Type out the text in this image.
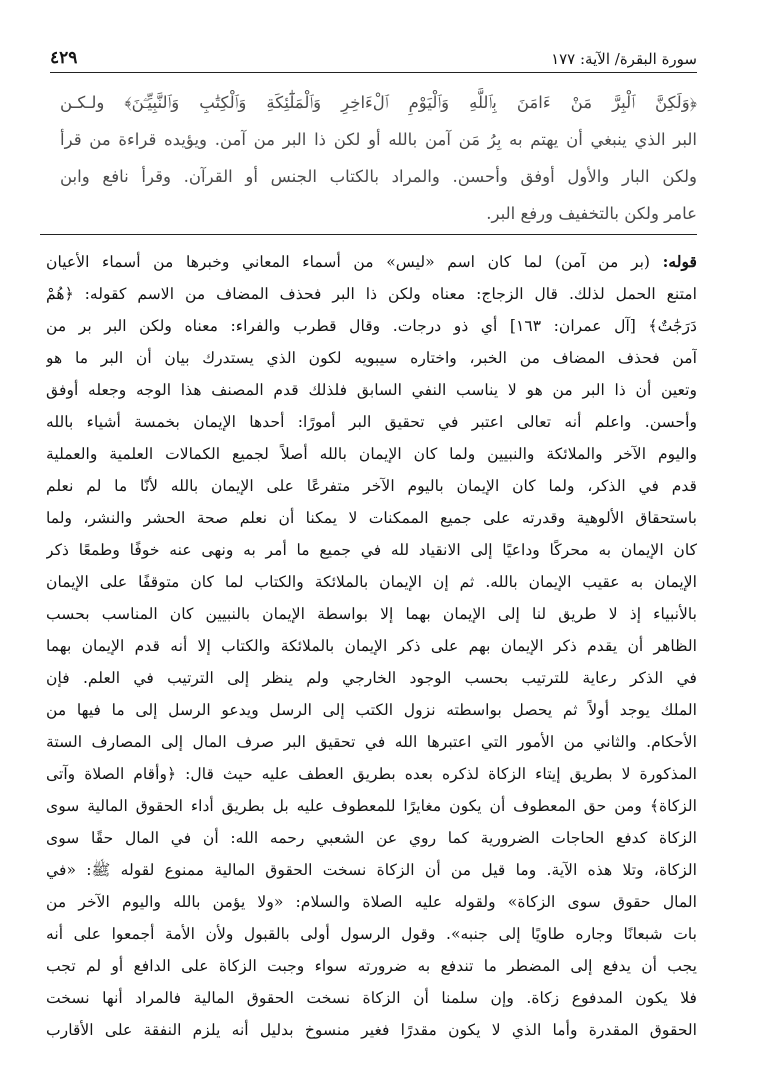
٤٢٩	سورة البقرة/ الآية: ١٧٧
﴿وَلَكِنَّ ٱلْبِرَّ مَنْ ءَامَنَ بِٱللَّهِ وَٱلْيَوْمِ ٱلْءَاخِرِ وَٱلْمَلَٰٓئِكَةِ وَٱلْكِتَٰبِ وَٱلنَّبِيِّـۧنَ﴾ ولـكـن
البر الذي ينبغي أن يهتم به بِرُ مَن آمن بالله أو لكن ذا البر من آمن. ويؤيده قراءة من قرأ
ولكن البار والأول أوفق وأحسن. والمراد بالكتاب الجنس أو القرآن. وقرأ نافع وابن
عامر ولكن بالتخفيف ورفع البر.
قوله: (بر من آمن) لما كان اسم «ليس» من أسماء المعاني وخبرها من أسماء الأعيان
امتنع الحمل لذلك. قال الزجاج: معناه ولكن ذا البر فحذف المضاف من الاسم كقوله: ﴿هُمْ
دَرَجَٰتٌ﴾ [آل عمران: ١٦٣] أي ذو درجات. وقال قطرب والفراء: معناه ولكن البر بر من
آمن فحذف المضاف من الخبر، واختاره سيبويه لكون الذي يستدرك بيان أن البر ما هو
وتعين أن ذا البر من هو لا يناسب النفي السابق فلذلك قدم المصنف هذا الوجه وجعله أوفق
وأحسن. واعلم أنه تعالى اعتبر في تحقيق البر أمورًا: أحدها الإيمان بخمسة أشياء بالله
واليوم الآخر والملائكة والنبيين ولما كان الإيمان بالله أصلاً لجميع الكمالات العلمية والعملية
قدم في الذكر، ولما كان الإيمان باليوم الآخر متفرعًا على الإيمان بالله لأنّا ما لم نعلم
باستحقاق الألوهية وقدرته على جميع الممكنات لا يمكنا أن نعلم صحة الحشر والنشر، ولما
كان الإيمان به محركًا وداعيًا إلى الانقياد لله في جميع ما أمر به ونهى عنه خوفًا وطمعًا ذكر
الإيمان به عقيب الإيمان بالله. ثم إن الإيمان بالملائكة والكتاب لما كان متوقفًا على الإيمان
بالأنبياء إذ لا طريق لنا إلى الإيمان بهما إلا بواسطة الإيمان بالنبيين كان المناسب بحسب
الظاهر أن يقدم ذكر الإيمان بهم على ذكر الإيمان بالملائكة والكتاب إلا أنه قدم الإيمان بهما
في الذكر رعاية للترتيب بحسب الوجود الخارجي ولم ينظر إلى الترتيب في العلم. فإن
الملك يوجد أولاً ثم يحصل بواسطته نزول الكتب إلى الرسل ويدعو الرسل إلى ما فيها من
الأحكام. والثاني من الأمور التي اعتبرها الله في تحقيق البر صرف المال إلى المصارف الستة
المذكورة لا بطريق إيتاء الزكاة لذكره بعده بطريق العطف عليه حيث قال: ﴿وأقام الصلاة وآتى
الزكاة﴾ ومن حق المعطوف أن يكون مغايرًا للمعطوف عليه بل بطريق أداء الحقوق المالية سوى
الزكاة كدفع الحاجات الضرورية كما روي عن الشعبي رحمه الله: أن في المال حقًا سوى
الزكاة، وتلا هذه الآية. وما قيل من أن الزكاة نسخت الحقوق المالية ممنوع لقوله ﷺ: «في
المال حقوق سوى الزكاة» ولقوله عليه الصلاة والسلام: «ولا يؤمن بالله واليوم الآخر من
بات شبعانًا وجاره طاويًا إلى جنبه». وقول الرسول أولى بالقبول ولأن الأمة أجمعوا على أنه
يجب أن يدفع إلى المضطر ما تندفع به ضرورته سواء وجبت الزكاة على الدافع أو لم تجب
فلا يكون المدفوع زكاة. وإن سلمنا أن الزكاة نسخت الحقوق المالية فالمراد أنها نسخت
الحقوق المقدرة وأما الذي لا يكون مقدرًا فغير منسوخ بدليل أنه يلزم النفقة على الأقارب
